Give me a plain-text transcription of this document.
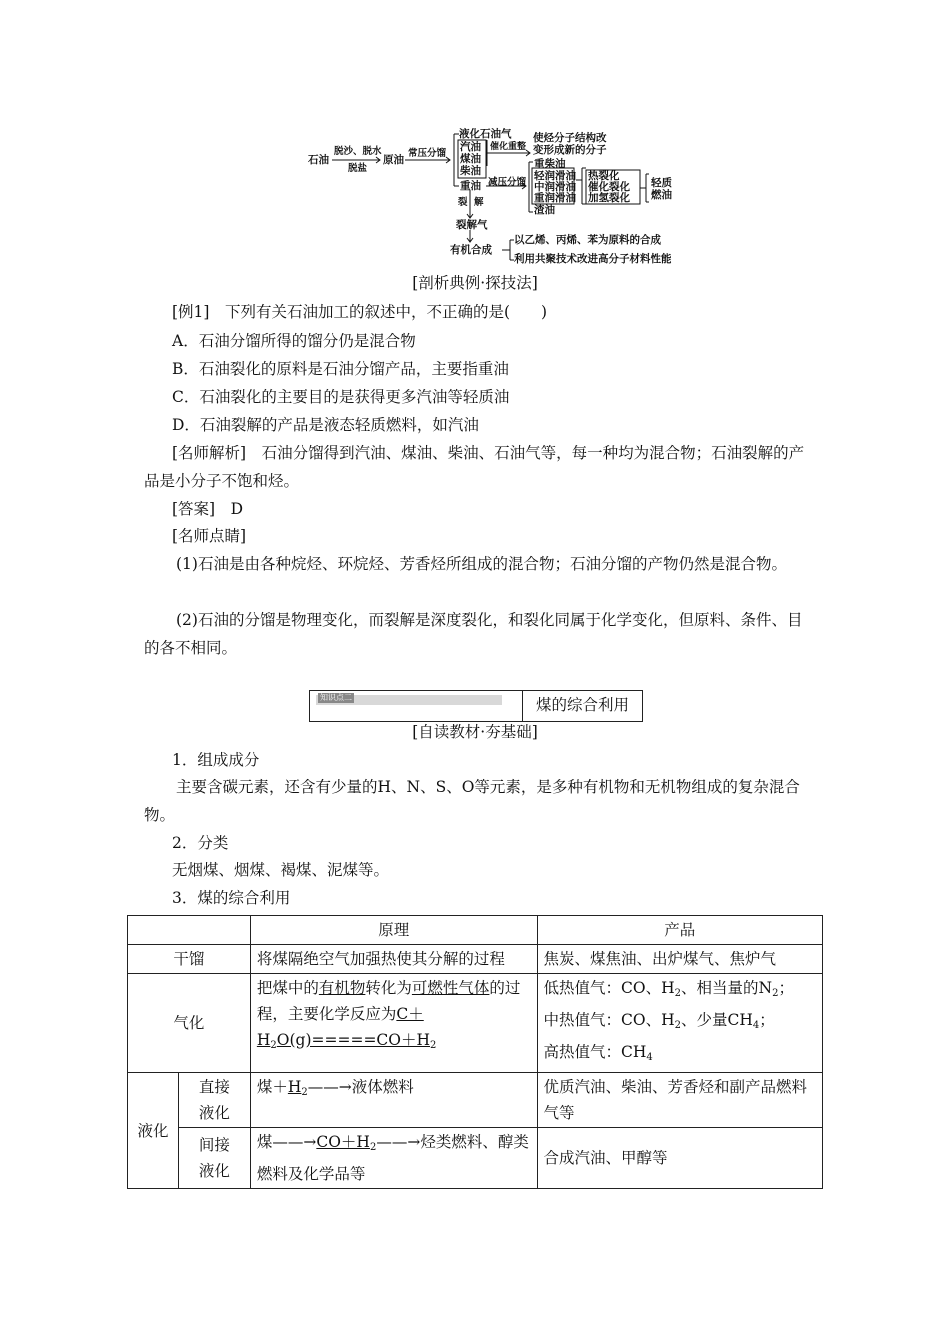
石油
脱沙、脱水
脱盐
原油
常压分馏
液化石油气
汽油
煤油
柴油
重油
催化重整
使烃分子结构改
变形成新的分子
减压分馏
重柴油
轻润滑油
中润滑油
重润滑油
渣油
热裂化
催化裂化
加氢裂化
轻质
燃油
裂 解
裂解气
有机合成
以乙烯、丙烯、苯为原料的合成
利用共聚技术改进高分子材料性能
[剖析典例·探技法]
[例1]　下列有关石油加工的叙述中，不正确的是(　　)
A．石油分馏所得的馏分仍是混合物
B．石油裂化的原料是石油分馏产品，主要指重油
C．石油裂化的主要目的是获得更多汽油等轻质油
D．石油裂解的产品是液态轻质燃料，如汽油
[名师解析]　石油分馏得到汽油、煤油、柴油、石油气等，每一种均为混合物；石油裂解的产品是小分子不饱和烃。
[答案]　D
[名师点睛]
(1)石油是由各种烷烃、环烷烃、芳香烃所组成的混合物；石油分馏的产物仍然是混合物。
(2)石油的分馏是物理变化，而裂解是深度裂化，和裂化同属于化学变化，但原料、条件、目的各不相同。
知识点二	煤的综合利用
[自读教材·夯基础]
1．组成成分
主要含碳元素，还含有少量的H、N、S、O等元素，是多种有机物和无机物组成的复杂混合物。
2．分类
无烟煤、烟煤、褐煤、泥煤等。
3．煤的综合利用
		原理	产品
干馏		将煤隔绝空气加强热使其分解的过程	焦炭、煤焦油、出炉煤气、焦炉气
气化		把煤中的有机物转化为可燃性气体的过程，主要化学反应为C＋
$H_2O(g)=====CO+H_2$	低热值气：CO、$H_2$、相当量的$N_2$；
中热值气：CO、$H_2$、少量$CH_4$；
高热值气：$CH_4$
液化	直接液化	煤$+H_2——\to$液体燃料	优质汽油、柴油、芳香烃和副产品燃料气等
	间接液化	煤$——\to CO+H_2——\to$烃类燃料、醇类燃料及化学品等	合成汽油、甲醇等
